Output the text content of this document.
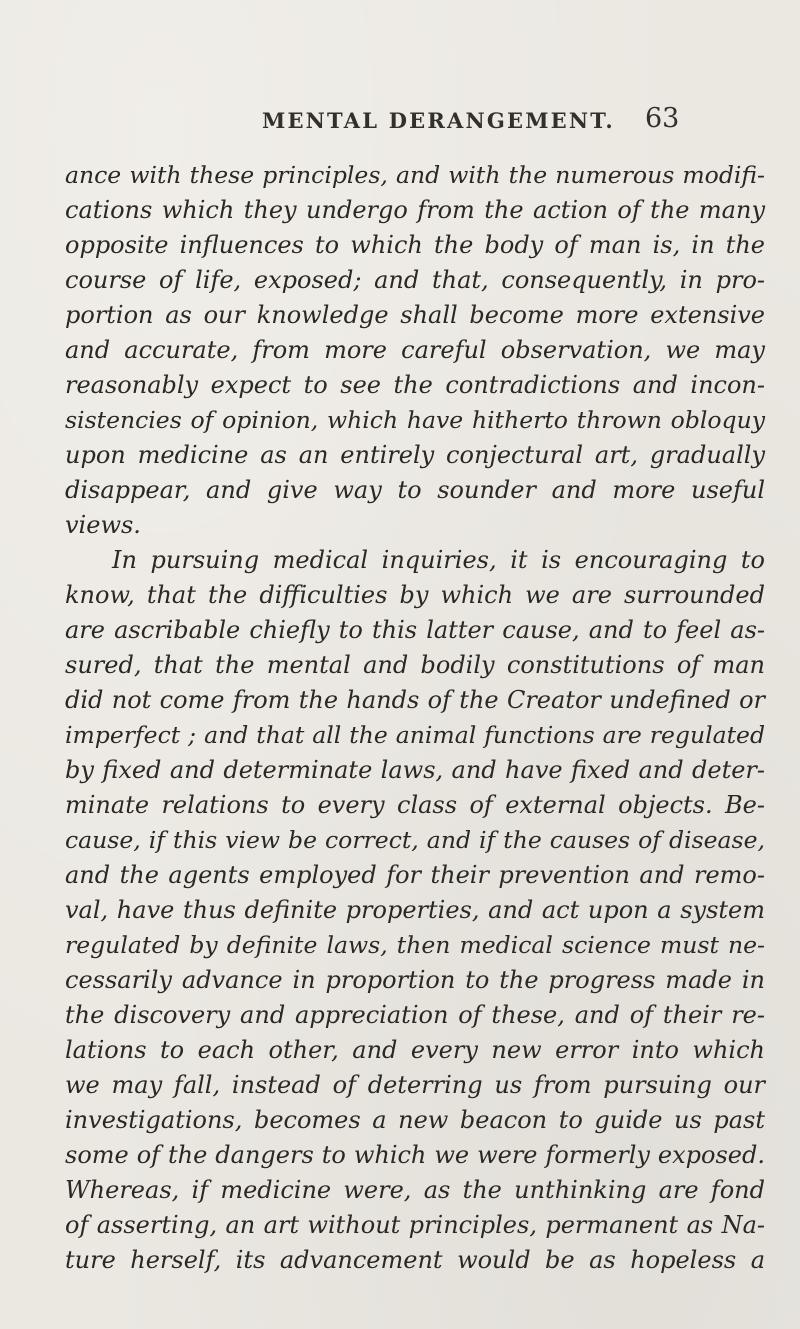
MENTAL DERANGEMENT. 63
ance with these principles, and with the numerous modifi-
cations which they undergo from the action of the many
opposite influences to which the body of man is, in the
course of life, exposed; and that, consequently, in pro-
portion as our knowledge shall become more extensive
and accurate, from more careful observation, we may
reasonably expect to see the contradictions and incon-
sistencies of opinion, which have hitherto thrown obloquy
upon medicine as an entirely conjectural art, gradually
disappear, and give way to sounder and more useful
views.
In pursuing medical inquiries, it is encouraging to
know, that the difficulties by which we are surrounded
are ascribable chiefly to this latter cause, and to feel as-
sured, that the mental and bodily constitutions of man
did not come from the hands of the Creator undefined or
imperfect ; and that all the animal functions are regulated
by fixed and determinate laws, and have fixed and deter-
minate relations to every class of external objects. Be-
cause, if this view be correct, and if the causes of disease,
and the agents employed for their prevention and remo-
val, have thus definite properties, and act upon a system
regulated by definite laws, then medical science must ne-
cessarily advance in proportion to the progress made in
the discovery and appreciation of these, and of their re-
lations to each other, and every new error into which
we may fall, instead of deterring us from pursuing our
investigations, becomes a new beacon to guide us past
some of the dangers to which we were formerly exposed.
Whereas, if medicine were, as the unthinking are fond
of asserting, an art without principles, permanent as Na-
ture herself, its advancement would be as hopeless a
